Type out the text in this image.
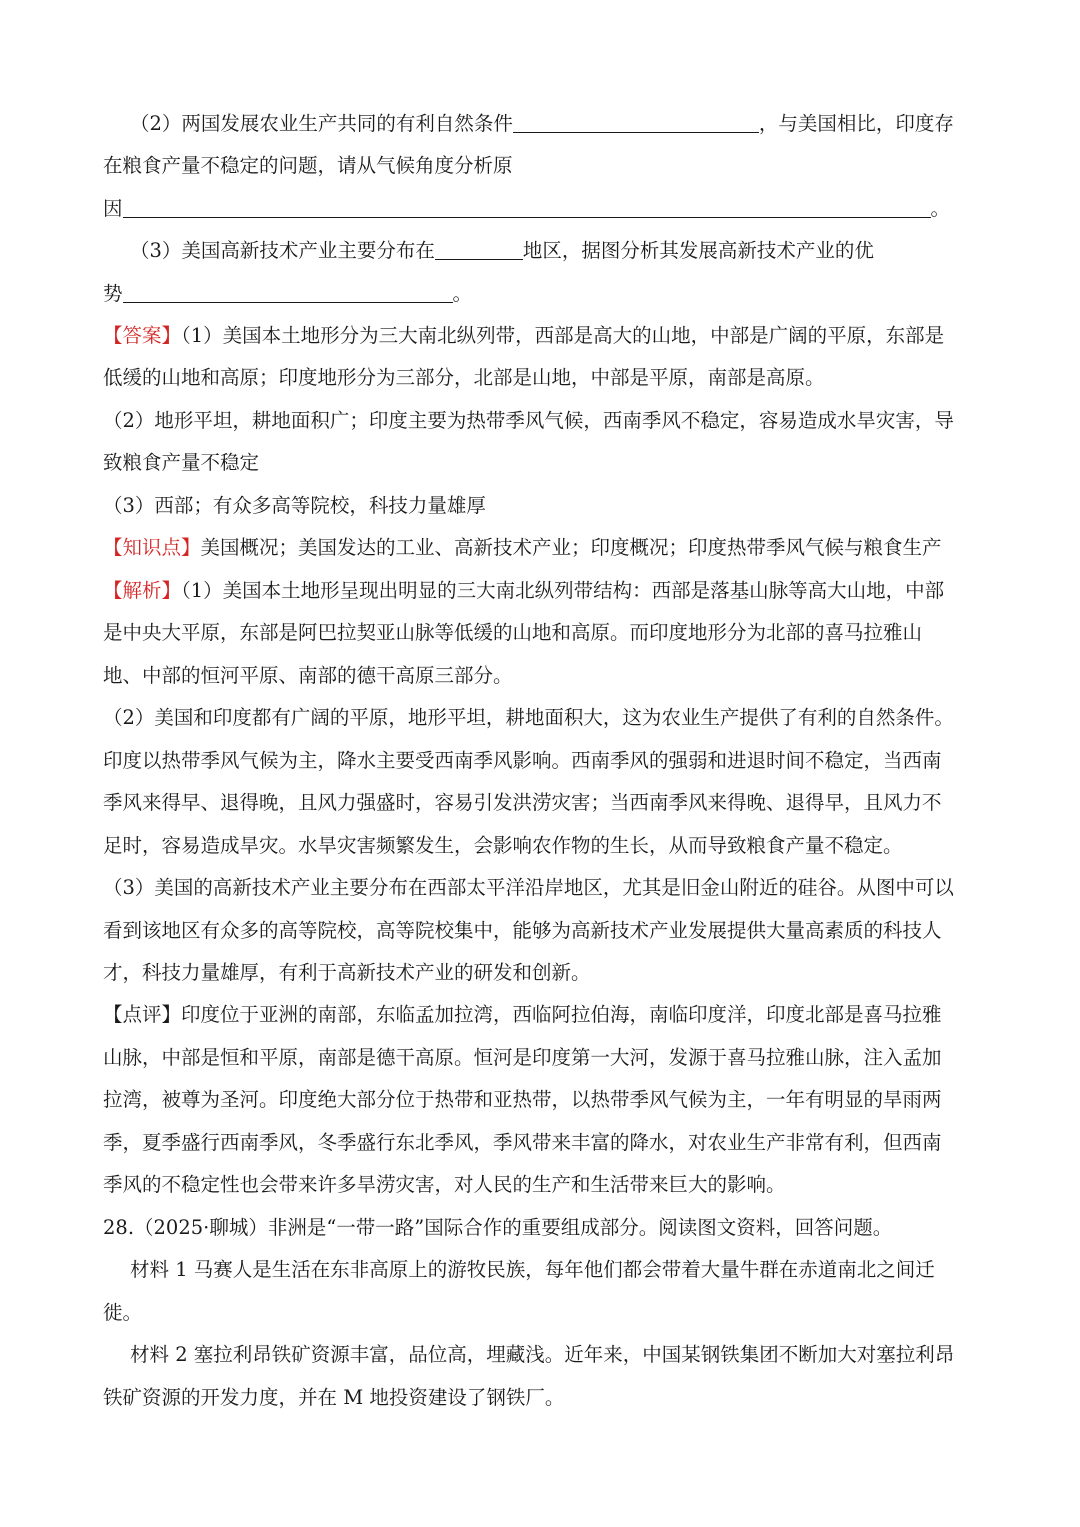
（2）两国发展农业生产共同的有利自然条件	，与美国相比，印度存
在粮食产量不稳定的问题，请从气候角度分析原
因	。
（3）美国高新技术产业主要分布在	地区，据图分析其发展高新技术产业的优
势	。
【答案】（1）美国本土地形分为三大南北纵列带，西部是高大的山地，中部是广阔的平原，东部是
低缓的山地和高原；印度地形分为三部分，北部是山地，中部是平原，南部是高原。
（2）地形平坦，耕地面积广；印度主要为热带季风气候，西南季风不稳定，容易造成水旱灾害，导
致粮食产量不稳定
（3）西部；有众多高等院校，科技力量雄厚
【知识点】美国概况；美国发达的工业、高新技术产业；印度概况；印度热带季风气候与粮食生产
【解析】（1）美国本土地形呈现出明显的三大南北纵列带结构：西部是落基山脉等高大山地，中部
是中央大平原，东部是阿巴拉契亚山脉等低缓的山地和高原。而印度地形分为北部的喜马拉雅山
地、中部的恒河平原、南部的德干高原三部分。
（2）美国和印度都有广阔的平原，地形平坦，耕地面积大，这为农业生产提供了有利的自然条件。
印度以热带季风气候为主，降水主要受西南季风影响。西南季风的强弱和进退时间不稳定，当西南
季风来得早、退得晚，且风力强盛时，容易引发洪涝灾害；当西南季风来得晚、退得早，且风力不
足时，容易造成旱灾。水旱灾害频繁发生，会影响农作物的生长，从而导致粮食产量不稳定。
（3）美国的高新技术产业主要分布在西部太平洋沿岸地区，尤其是旧金山附近的硅谷。从图中可以
看到该地区有众多的高等院校，高等院校集中，能够为高新技术产业发展提供大量高素质的科技人
才，科技力量雄厚，有利于高新技术产业的研发和创新。
【点评】印度位于亚洲的南部，东临孟加拉湾，西临阿拉伯海，南临印度洋，印度北部是喜马拉雅
山脉，中部是恒和平原，南部是德干高原。恒河是印度第一大河，发源于喜马拉雅山脉，注入孟加
拉湾，被尊为圣河。印度绝大部分位于热带和亚热带，以热带季风气候为主，一年有明显的旱雨两
季，夏季盛行西南季风，冬季盛行东北季风，季风带来丰富的降水，对农业生产非常有利，但西南
季风的不稳定性也会带来许多旱涝灾害，对人民的生产和生活带来巨大的影响。
28.（2025·聊城）非洲是“一带一路”国际合作的重要组成部分。阅读图文资料，回答问题。
材料 1 马赛人是生活在东非高原上的游牧民族，每年他们都会带着大量牛群在赤道南北之间迁
徙。
材料 2 塞拉利昂铁矿资源丰富，品位高，埋藏浅。近年来，中国某钢铁集团不断加大对塞拉利昂
铁矿资源的开发力度，并在 M 地投资建设了钢铁厂。
